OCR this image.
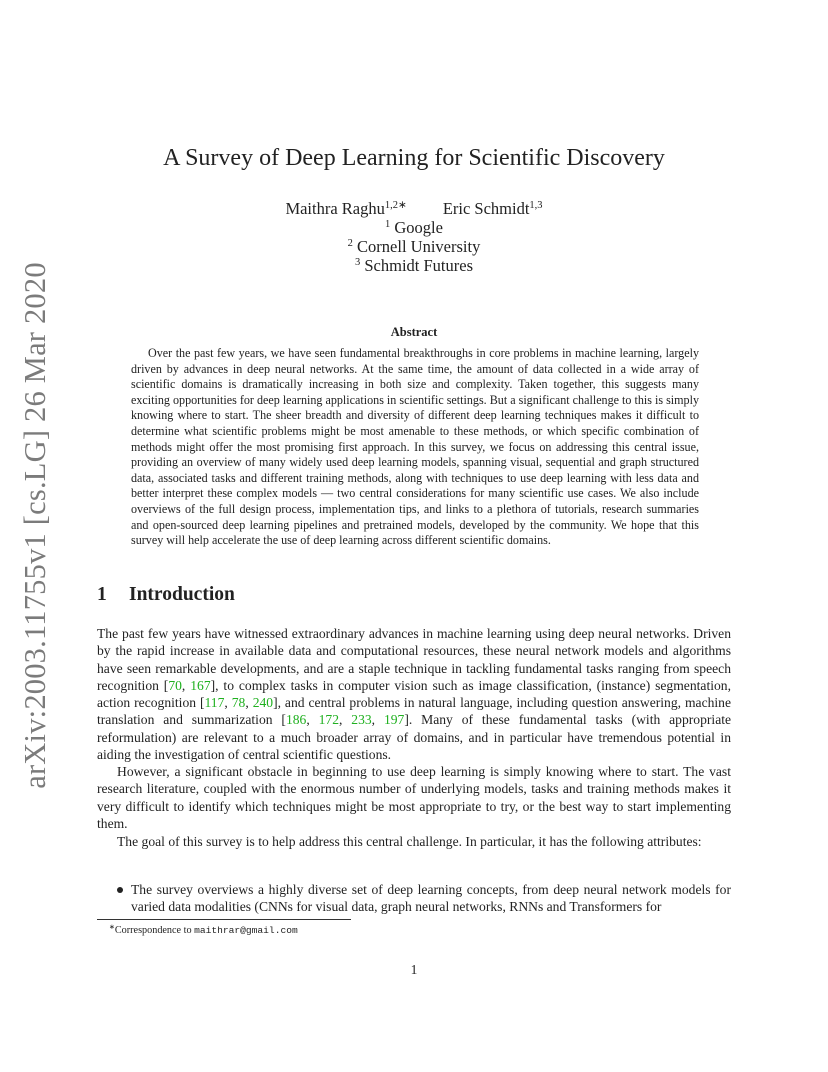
arXiv:2003.11755v1 [cs.LG] 26 Mar 2020
A Survey of Deep Learning for Scientific Discovery
Maithra Raghu$^{1,2∗}$ Eric Schmidt$^{1,3}$
$^1$ Google
$^2$ Cornell University
$^3$ Schmidt Futures
Abstract

Over the past few years, we have seen fundamental breakthroughs in core problems in machine learning, largely driven by advances in deep neural networks. At the same time, the amount of data collected in a wide array of scientific domains is dramatically increasing in both size and complexity. Taken together, this suggests many exciting opportunities for deep learning applications in scientific settings. But a significant challenge to this is simply knowing where to start. The sheer breadth and diversity of different deep learning techniques makes it difficult to determine what scientific problems might be most amenable to these methods, or which specific combination of methods might offer the most promising first approach. In this survey, we focus on addressing this central issue, providing an overview of many widely used deep learning models, spanning visual, sequential and graph structured data, associated tasks and different training methods, along with techniques to use deep learning with less data and better interpret these complex models — two central considerations for many scientific use cases. We also include overviews of the full design process, implementation tips, and links to a plethora of tutorials, research summaries and open-sourced deep learning pipelines and pretrained models, developed by the community. We hope that this survey will help accelerate the use of deep learning across different scientific domains.

1 Introduction

The past few years have witnessed extraordinary advances in machine learning using deep neural networks. Driven by the rapid increase in available data and computational resources, these neural network models and algorithms have seen remarkable developments, and are a staple technique in tackling fundamental tasks ranging from speech recognition [70, 167], to complex tasks in computer vision such as image classification, (instance) segmentation, action recognition [117, 78, 240], and central problems in natural language, including question answering, machine translation and summarization [186, 172, 233, 197]. Many of these fundamental tasks (with appropriate reformulation) are relevant to a much broader array of domains, and in particular have tremendous potential in aiding the investigation of central scientific questions.

However, a significant obstacle in beginning to use deep learning is simply knowing where to start. The vast research literature, coupled with the enormous number of underlying models, tasks and training methods makes it very difficult to identify which techniques might be most appropriate to try, or the best way to start implementing them.

The goal of this survey is to help address this central challenge. In particular, it has the following attributes:

The survey overviews a highly diverse set of deep learning concepts, from deep neural network models for varied data modalities (CNNs for visual data, graph neural networks, RNNs and Transformers for

∗Correspondence to maithrar@gmail.com
1
